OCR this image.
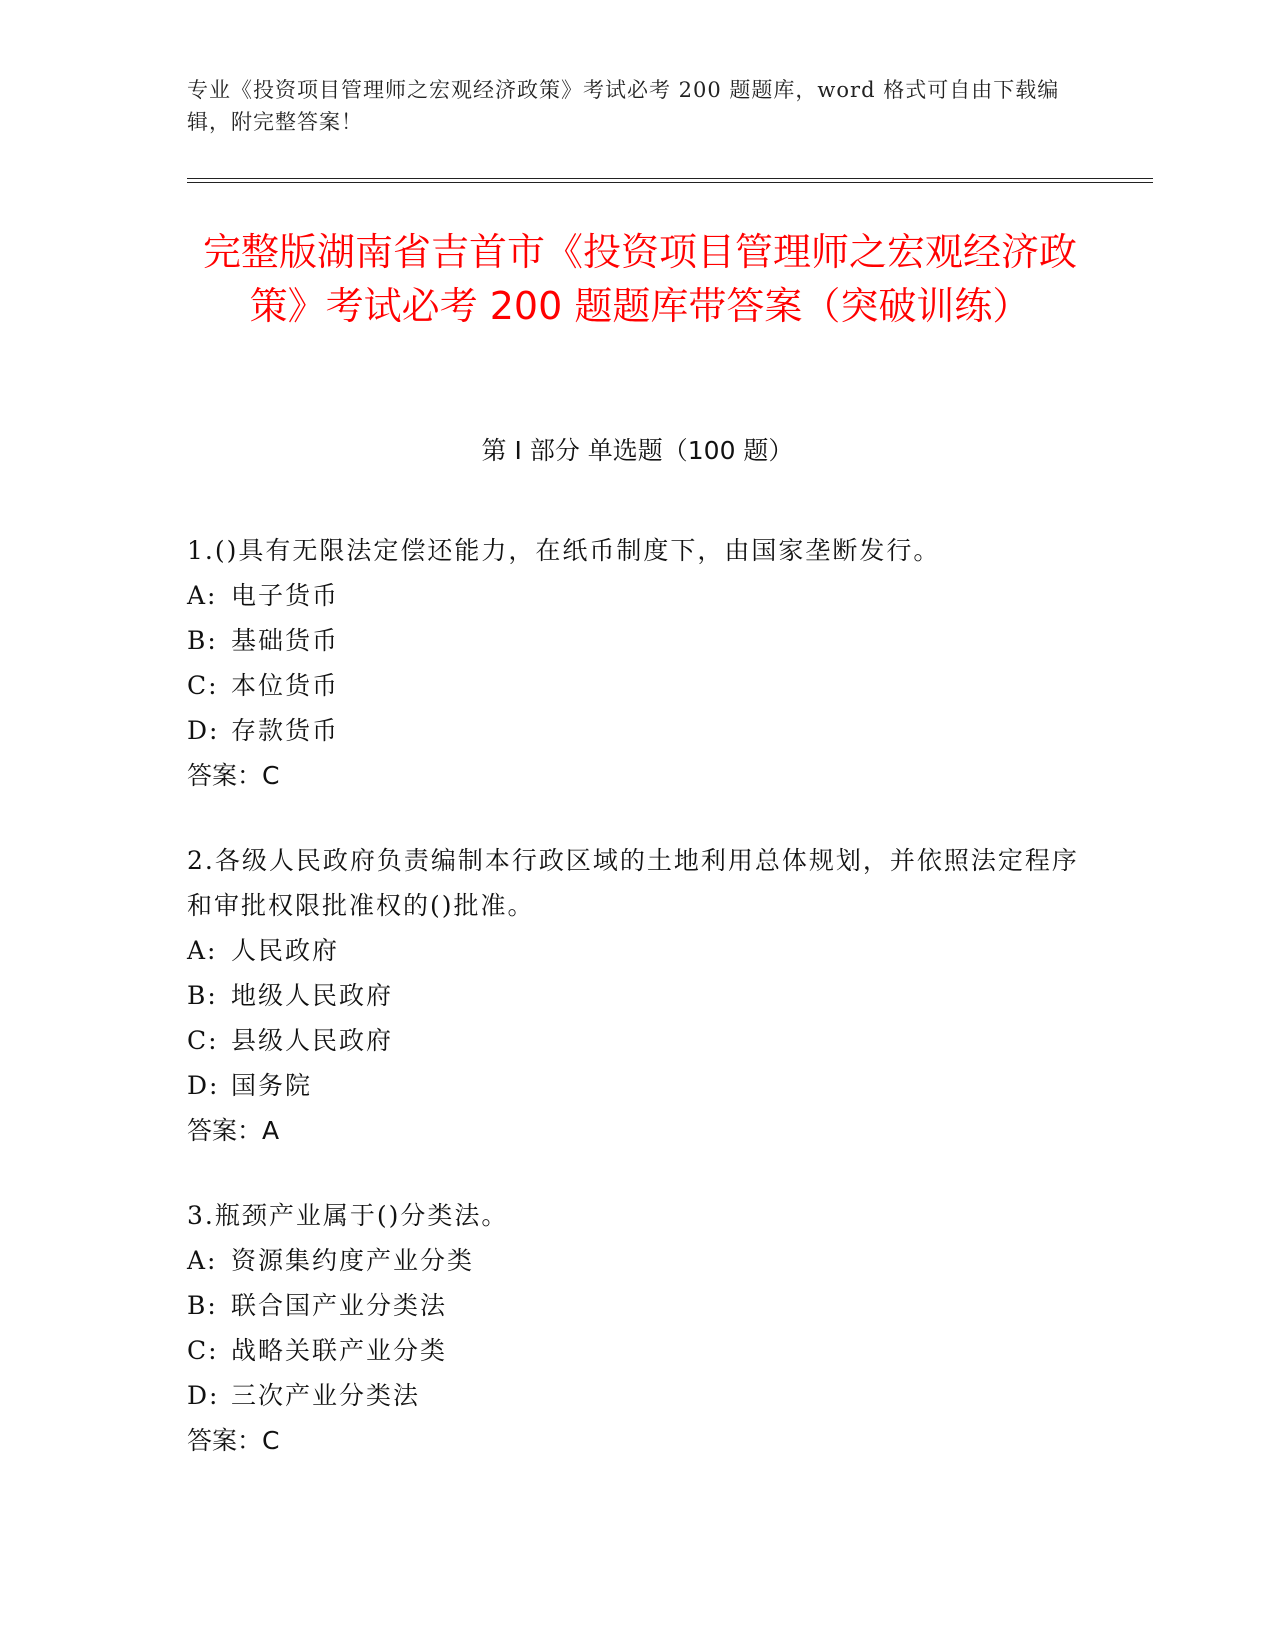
专业《投资项目管理师之宏观经济政策》考试必考 200 题题库，word 格式可自由下载编辑，附完整答案！
完整版湖南省吉首市《投资项目管理师之宏观经济政策》考试必考 200 题题库带答案（突破训练）
第 I 部分 单选题（100 题）
1.()具有无限法定偿还能力，在纸币制度下，由国家垄断发行。
A: 电子货币
B: 基础货币
C: 本位货币
D: 存款货币
答案：C
2.各级人民政府负责编制本行政区域的土地利用总体规划，并依照法定程序和审批权限批准权的()批准。
A: 人民政府
B: 地级人民政府
C: 县级人民政府
D: 国务院
答案：A
3.瓶颈产业属于()分类法。
A: 资源集约度产业分类
B: 联合国产业分类法
C: 战略关联产业分类
D: 三次产业分类法
答案：C
